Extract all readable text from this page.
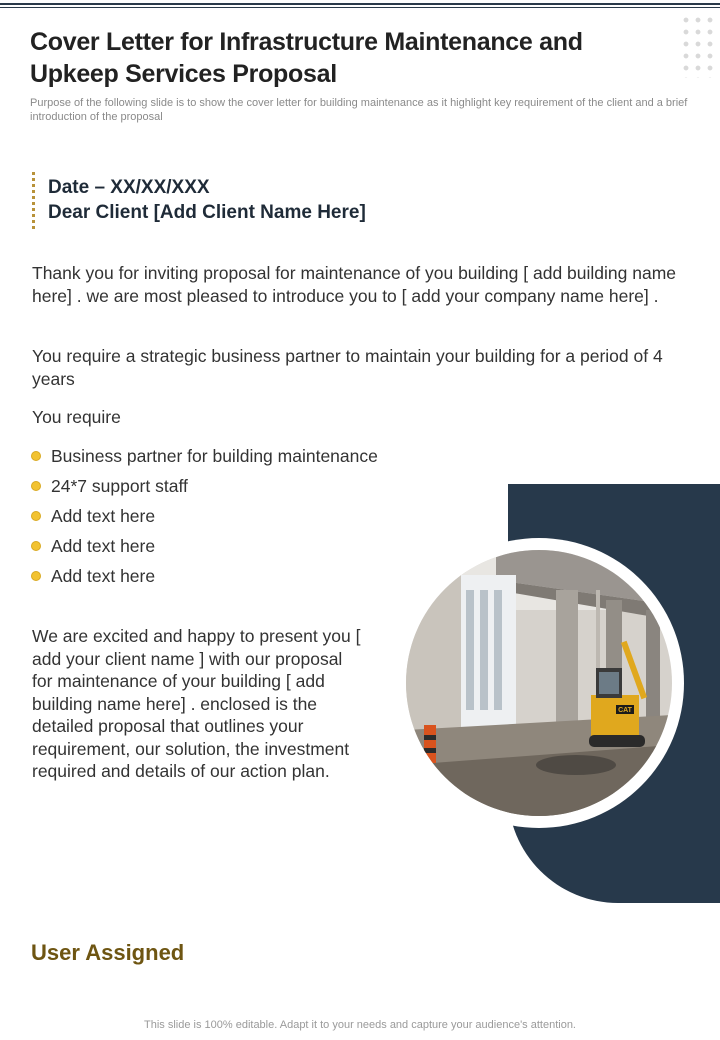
Cover Letter for Infrastructure Maintenance and Upkeep Services Proposal

Purpose of the following slide is to show the cover letter for building maintenance as it highlight key requirement of the client and a brief introduction of the proposal

Date – XX/XX/XXX
Dear Client [Add Client Name Here]

Thank you for inviting proposal for maintenance of you building [ add building name here] . we are most pleased to introduce you to [ add your company name here] .

You require a strategic business partner to maintain your building for a period of 4 years

You require

Business partner for building maintenance
24*7 support staff
Add text here
Add text here
Add text here

We are excited and happy to present you [ add your client name ] with our proposal for maintenance of your building [ add building name here] . enclosed is the detailed proposal that outlines your requirement, our solution, the investment required and details of our action plan.

CAT

User Assigned

This slide is 100% editable. Adapt it to your needs and capture your audience's attention.
